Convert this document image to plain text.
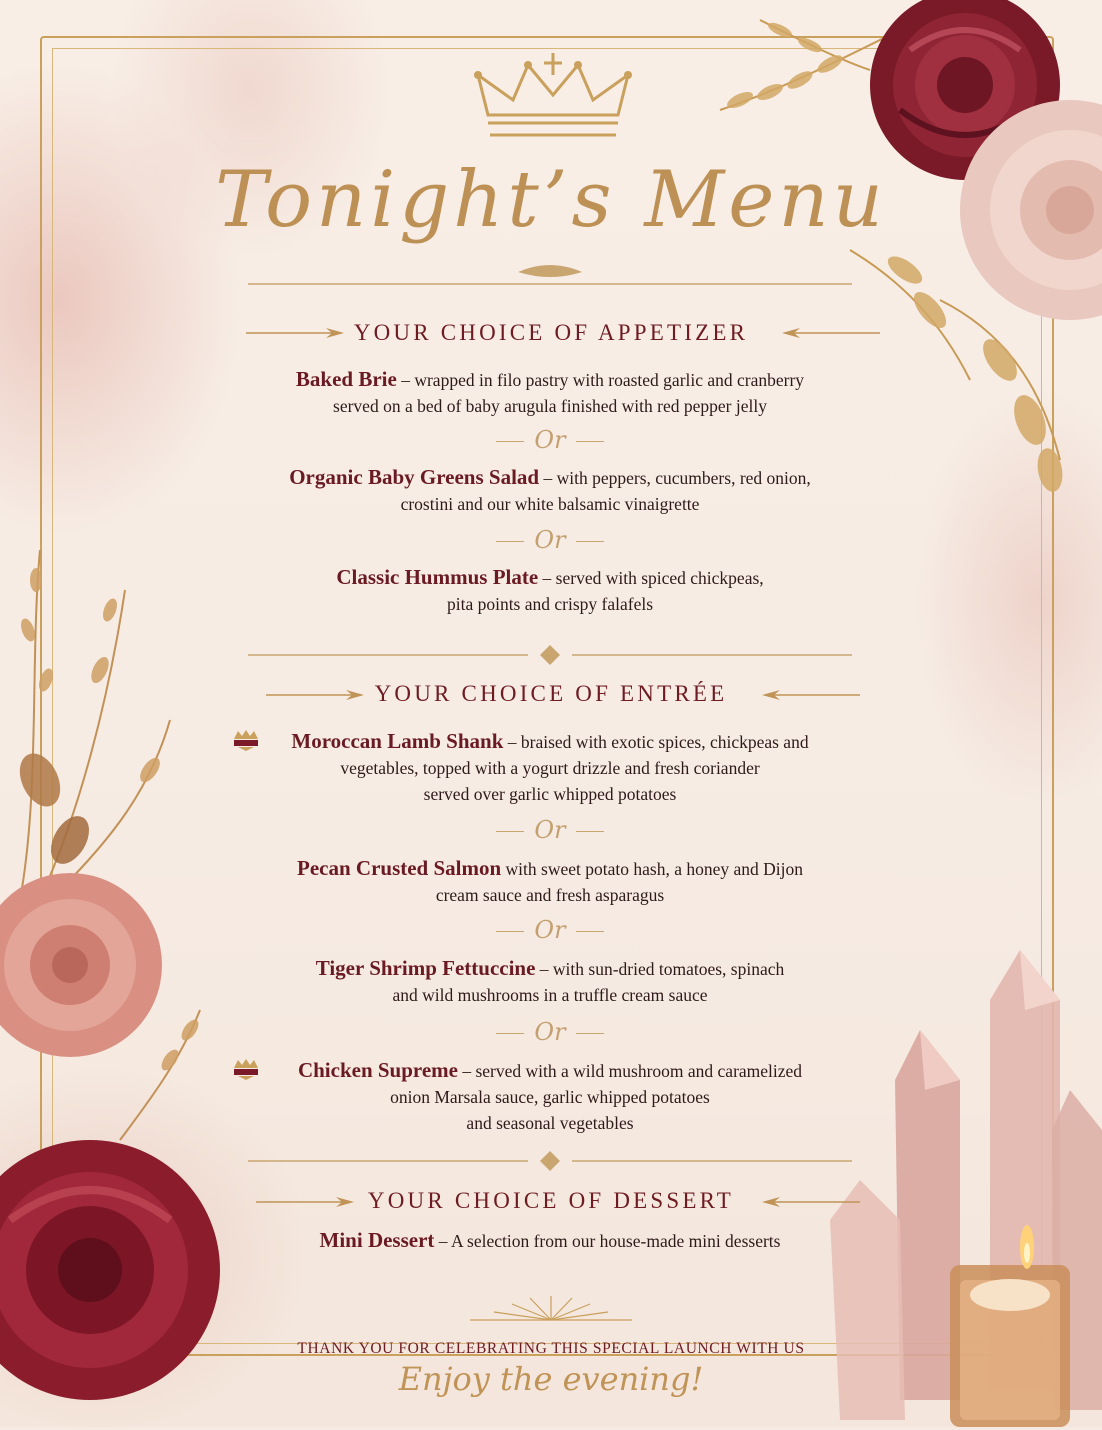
Tonight’s Menu
YOUR CHOICE OF APPETIZER
Baked Brie – wrapped in filo pastry with roasted garlic and cranberry
served on a bed of baby arugula finished with red pepper jelly
Or
Organic Baby Greens Salad – with peppers, cucumbers, red onion,
crostini and our white balsamic vinaigrette
Or
Classic Hummus Plate – served with spiced chickpeas,
pita points and crispy falafels
YOUR CHOICE OF ENTRÉE
Moroccan Lamb Shank – braised with exotic spices, chickpeas and
vegetables, topped with a yogurt drizzle and fresh coriander
served over garlic whipped potatoes
Or
Pecan Crusted Salmon with sweet potato hash, a honey and Dijon
cream sauce and fresh asparagus
Or
Tiger Shrimp Fettuccine – with sun-dried tomatoes, spinach
and wild mushrooms in a truffle cream sauce
Or
Chicken Supreme – served with a wild mushroom and caramelized
onion Marsala sauce, garlic whipped potatoes
and seasonal vegetables
YOUR CHOICE OF DESSERT
Mini Dessert – A selection from our house-made mini desserts
THANK YOU FOR CELEBRATING THIS SPECIAL LAUNCH WITH US
Enjoy the evening!
